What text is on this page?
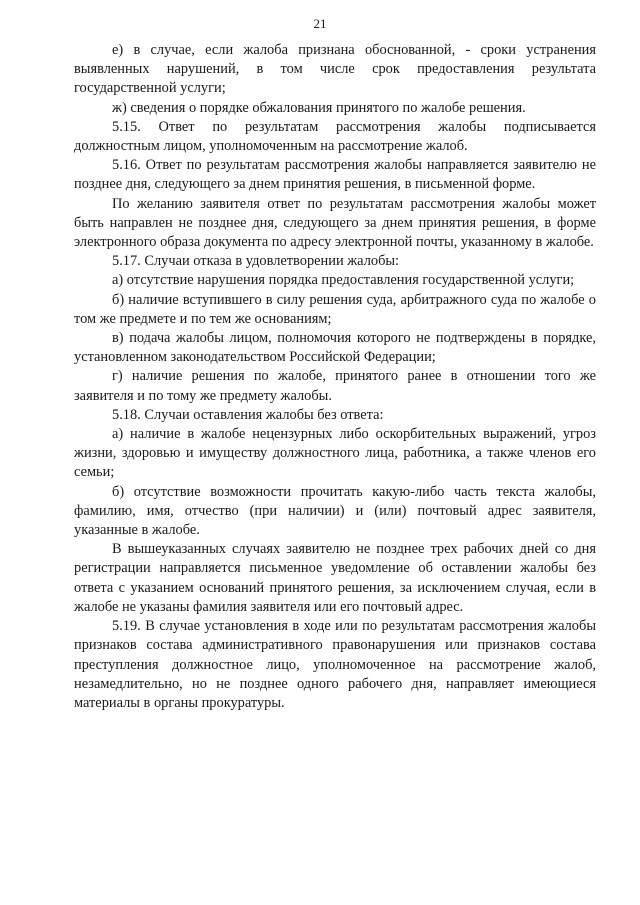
21

е) в случае, если жалоба признана обоснованной, - сроки устранения выявленных нарушений, в том числе срок предоставления результата государственной услуги;

ж) сведения о порядке обжалования принятого по жалобе решения.

5.15. Ответ по результатам рассмотрения жалобы подписывается должностным лицом, уполномоченным на рассмотрение жалоб.

5.16. Ответ по результатам рассмотрения жалобы направляется заявителю не позднее дня, следующего за днем принятия решения, в письменной форме.

По желанию заявителя ответ по результатам рассмотрения жалобы может быть направлен не позднее дня, следующего за днем принятия решения, в форме электронного образа документа по адресу электронной почты, указанному в жалобе.

5.17. Случаи отказа в удовлетворении жалобы:

а) отсутствие нарушения порядка предоставления государственной услуги;

б) наличие вступившего в силу решения суда, арбитражного суда по жалобе о том же предмете и по тем же основаниям;

в) подача жалобы лицом, полномочия которого не подтверждены в порядке, установленном законодательством Российской Федерации;

г) наличие решения по жалобе, принятого ранее в отношении того же заявителя и по тому же предмету жалобы.

5.18. Случаи оставления жалобы без ответа:

а) наличие в жалобе нецензурных либо оскорбительных выражений, угроз жизни, здоровью и имуществу должностного лица, работника, а также членов его семьи;

б) отсутствие возможности прочитать какую-либо часть текста жалобы, фамилию, имя, отчество (при наличии) и (или) почтовый адрес заявителя, указанные в жалобе.

В вышеуказанных случаях заявителю не позднее трех рабочих дней со дня регистрации направляется письменное уведомление об оставлении жалобы без ответа с указанием оснований принятого решения, за исключением случая, если в жалобе не указаны фамилия заявителя или его почтовый адрес.

5.19. В случае установления в ходе или по результатам рассмотрения жалобы признаков состава административного правонарушения или признаков состава преступления должностное лицо, уполномоченное на рассмотрение жалоб, незамедлительно, но не позднее одного рабочего дня, направляет имеющиеся материалы в органы прокуратуры.
